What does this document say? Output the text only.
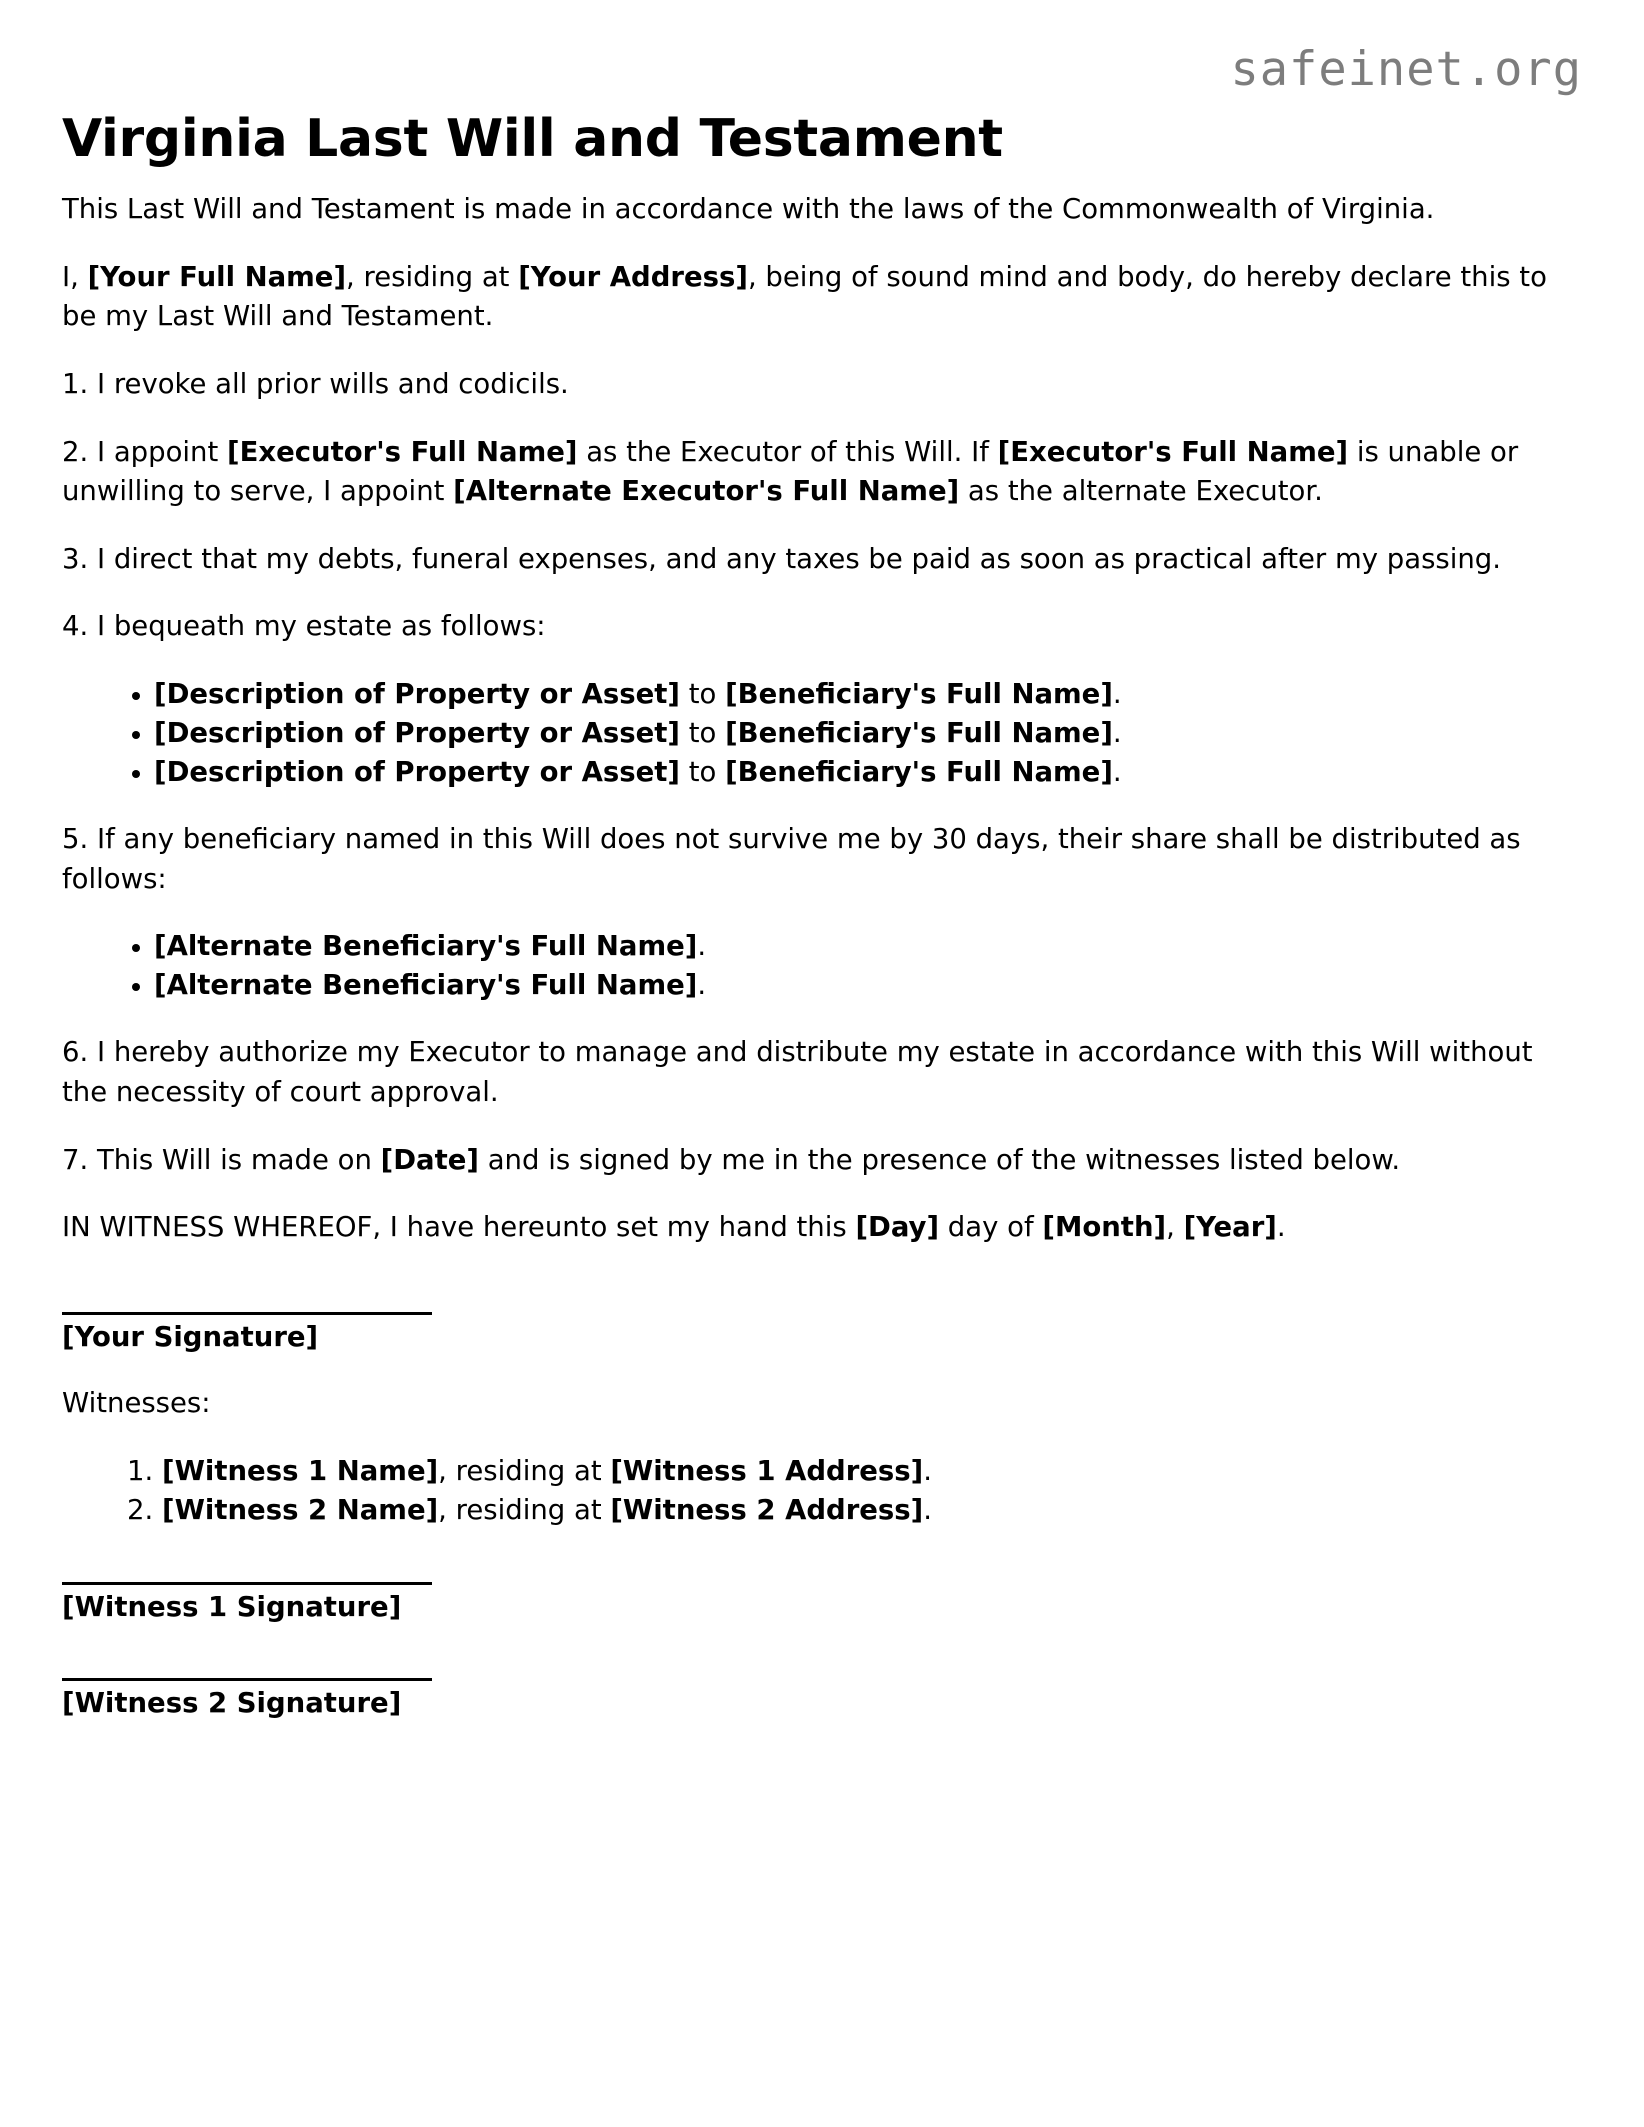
safeinet.org
Virginia Last Will and Testament

This Last Will and Testament is made in accordance with the laws of the Commonwealth of Virginia.

I, [Your Full Name], residing at [Your Address], being of sound mind and body, do hereby declare this to be my Last Will and Testament.

1. I revoke all prior wills and codicils.

2. I appoint [Executor's Full Name] as the Executor of this Will. If [Executor's Full Name] is unable or unwilling to serve, I appoint [Alternate Executor's Full Name] as the alternate Executor.

3. I direct that my debts, funeral expenses, and any taxes be paid as soon as practical after my passing.

4. I bequeath my estate as follows:

• [Description of Property or Asset] to [Beneficiary's Full Name].
• [Description of Property or Asset] to [Beneficiary's Full Name].
• [Description of Property or Asset] to [Beneficiary's Full Name].

5. If any beneficiary named in this Will does not survive me by 30 days, their share shall be distributed as follows:

• [Alternate Beneficiary's Full Name].
• [Alternate Beneficiary's Full Name].

6. I hereby authorize my Executor to manage and distribute my estate in accordance with this Will without the necessity of court approval.

7. This Will is made on [Date] and is signed by me in the presence of the witnesses listed below.

IN WITNESS WHEREOF, I have hereunto set my hand this [Day] day of [Month], [Year].

[Your Signature]

Witnesses:

1. [Witness 1 Name], residing at [Witness 1 Address].
2. [Witness 2 Name], residing at [Witness 2 Address].
[Witness 1 Signature]
[Witness 2 Signature]
